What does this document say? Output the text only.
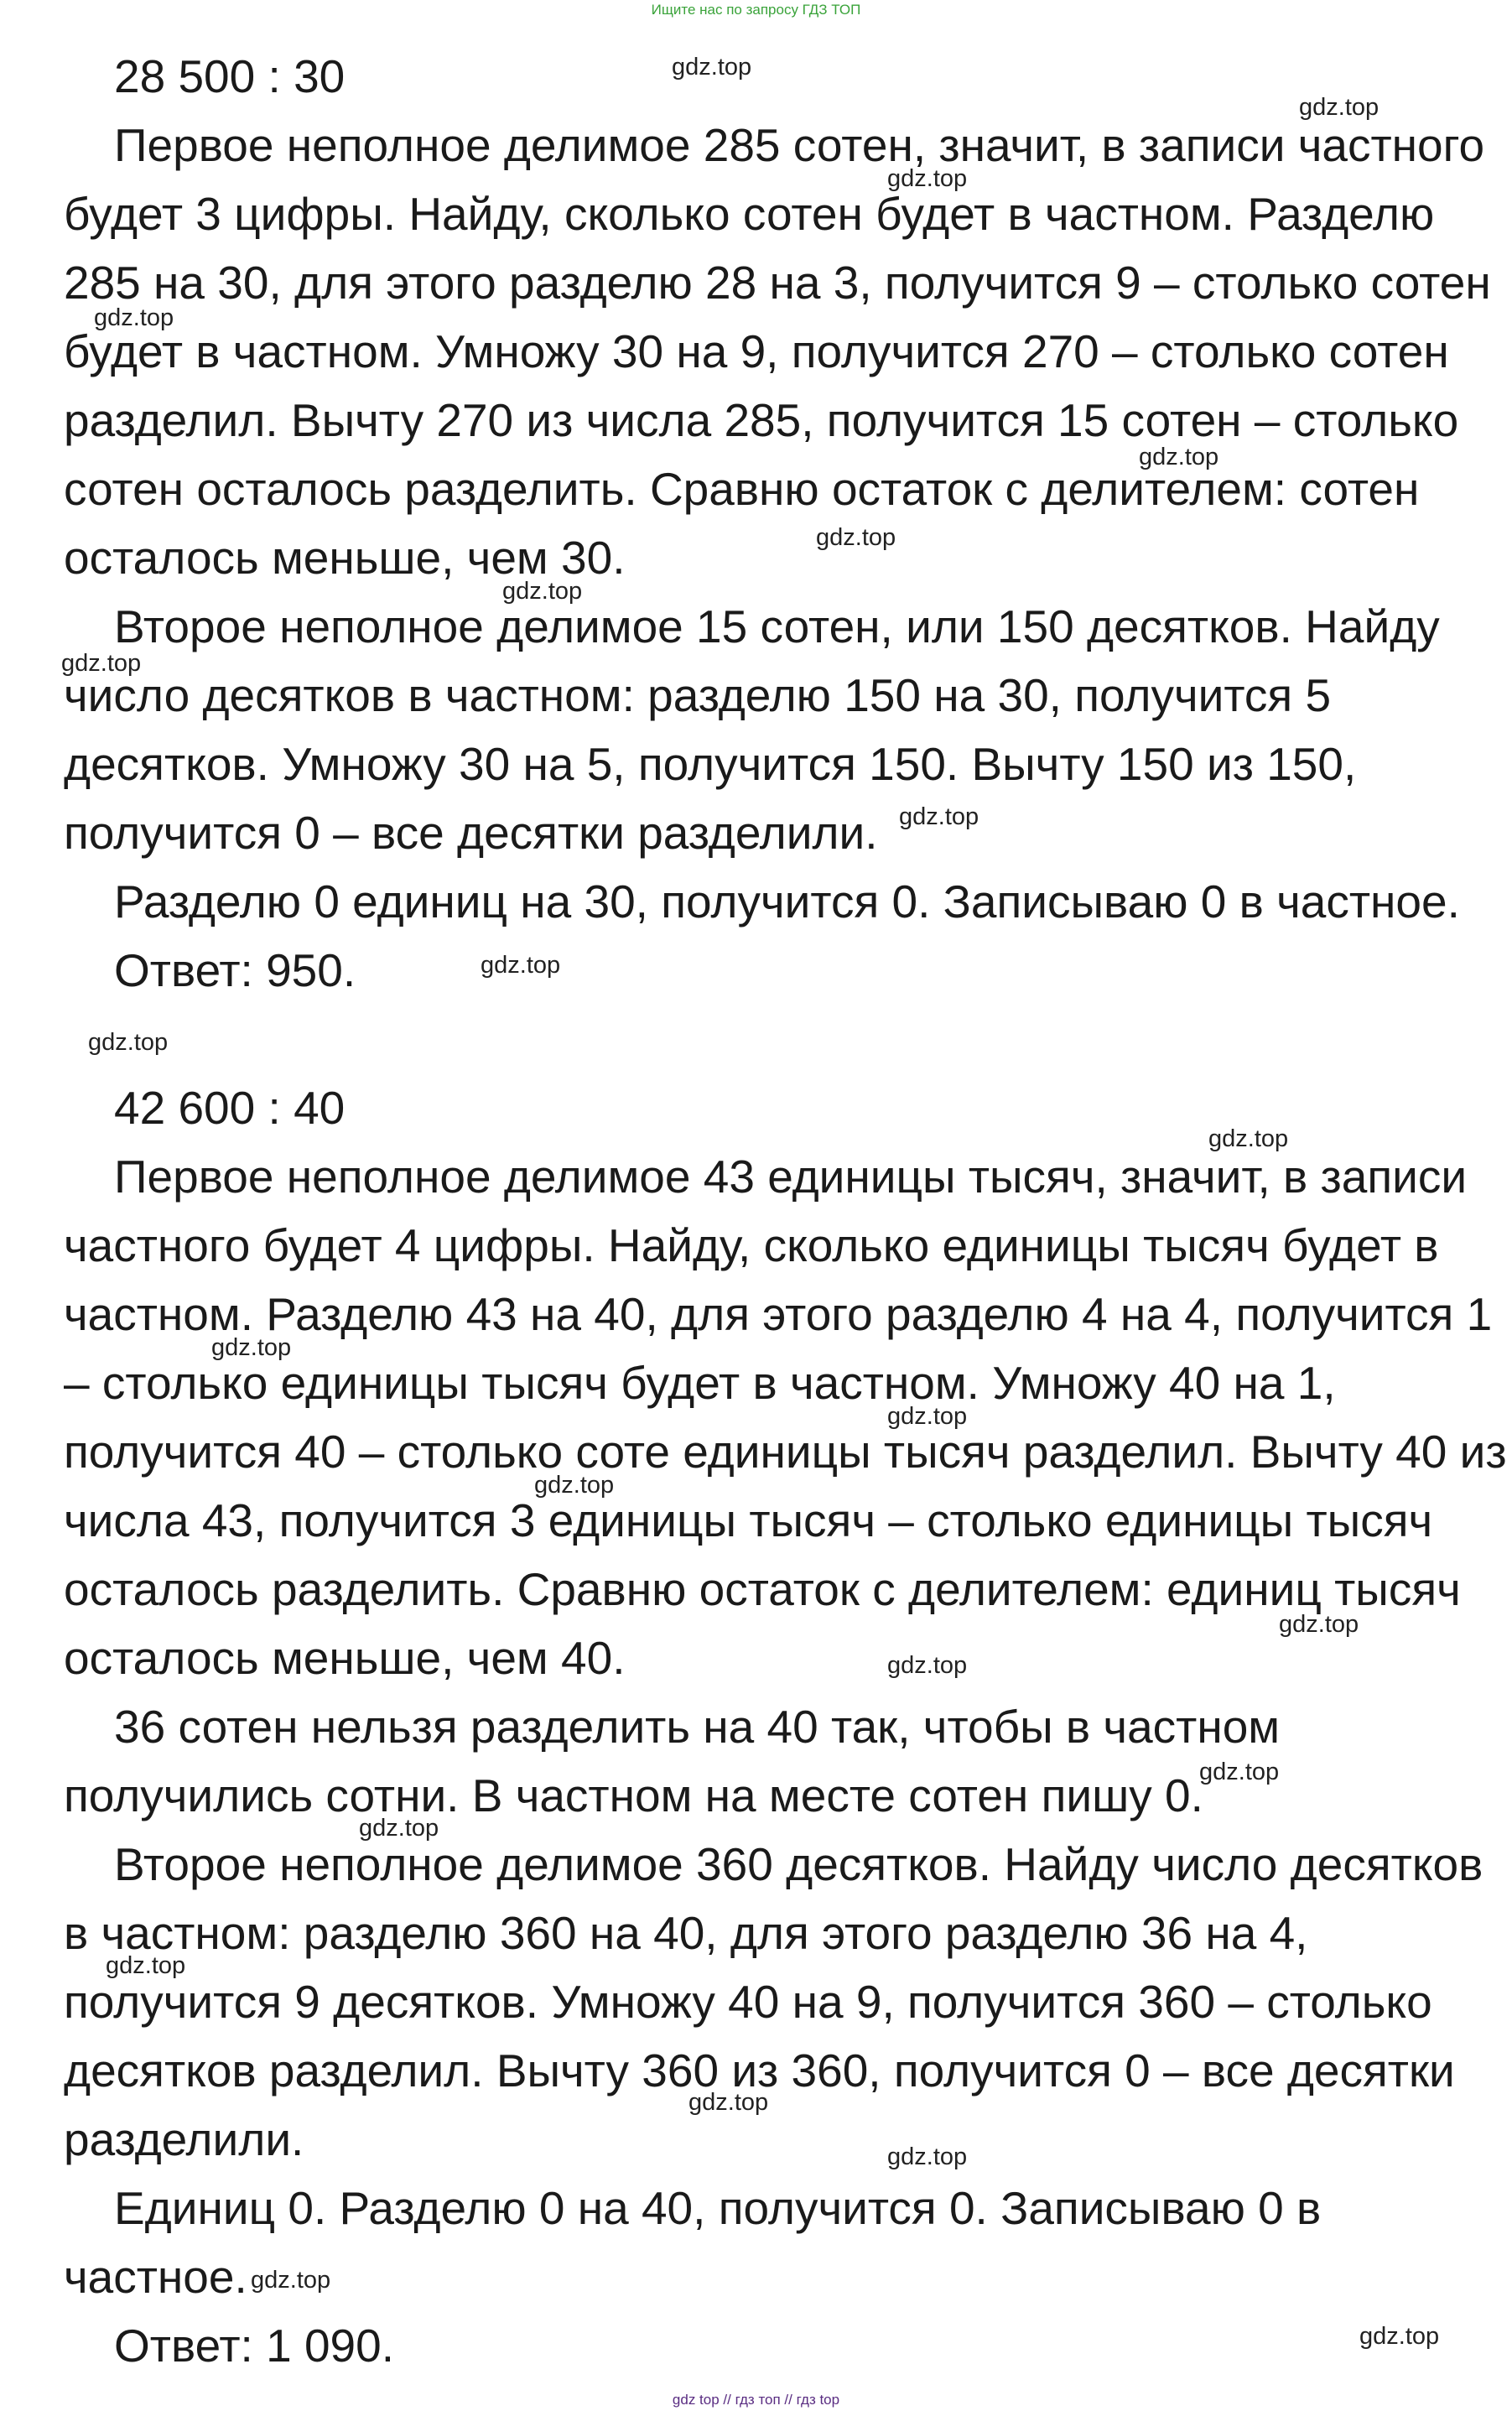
Ищите нас по запросу ГДЗ ТОП
28 500 : 30
Первое неполное делимое 285 сотен, значит, в записи частного
будет 3 цифры. Найду, сколько сотен будет в частном. Разделю
285 на 30, для этого разделю 28 на 3, получится 9 – столько сотен
будет в частном. Умножу 30 на 9, получится 270 – столько сотен
разделил. Вычту 270 из числа 285, получится 15 сотен – столько
сотен осталось разделить. Сравню остаток с делителем: сотен
осталось меньше, чем 30.
Второе неполное делимое 15 сотен, или 150 десятков. Найду
число десятков в частном: разделю 150 на 30, получится 5
десятков. Умножу 30 на 5, получится 150. Вычту 150 из 150,
получится 0 – все десятки разделили.
Разделю 0 единиц на 30, получится 0. Записываю 0 в частное.
Ответ: 950.
42 600 : 40
Первое неполное делимое 43 единицы тысяч, значит, в записи
частного будет 4 цифры. Найду, сколько единицы тысяч будет в
частном. Разделю 43 на 40, для этого разделю 4 на 4, получится 1
– столько единицы тысяч будет в частном. Умножу 40 на 1,
получится 40 – столько соте единицы тысяч разделил. Вычту 40 из
числа 43, получится 3 единицы тысяч – столько единицы тысяч
осталось разделить. Сравню остаток с делителем: единиц тысяч
осталось меньше, чем 40.
36 сотен нельзя разделить на 40 так, чтобы в частном
получились сотни. В частном на месте сотен пишу 0.
Второе неполное делимое 360 десятков. Найду число десятков
в частном: разделю 360 на 40, для этого разделю 36 на 4,
получится 9 десятков. Умножу 40 на 9, получится 360 – столько
десятков разделил. Вычту 360 из 360, получится 0 – все десятки
разделили.
Единиц 0. Разделю 0 на 40, получится 0. Записываю 0 в
частное.
Ответ: 1 090.
gdz.top
gdz.top
gdz.top
gdz.top
gdz.top
gdz.top
gdz.top
gdz.top
gdz.top
gdz.top
gdz.top
gdz.top
gdz.top
gdz.top
gdz.top
gdz.top
gdz.top
gdz.top
gdz.top
gdz.top
gdz.top
gdz.top
gdz.top
gdz.top
gdz top // гдз топ // гдз top
